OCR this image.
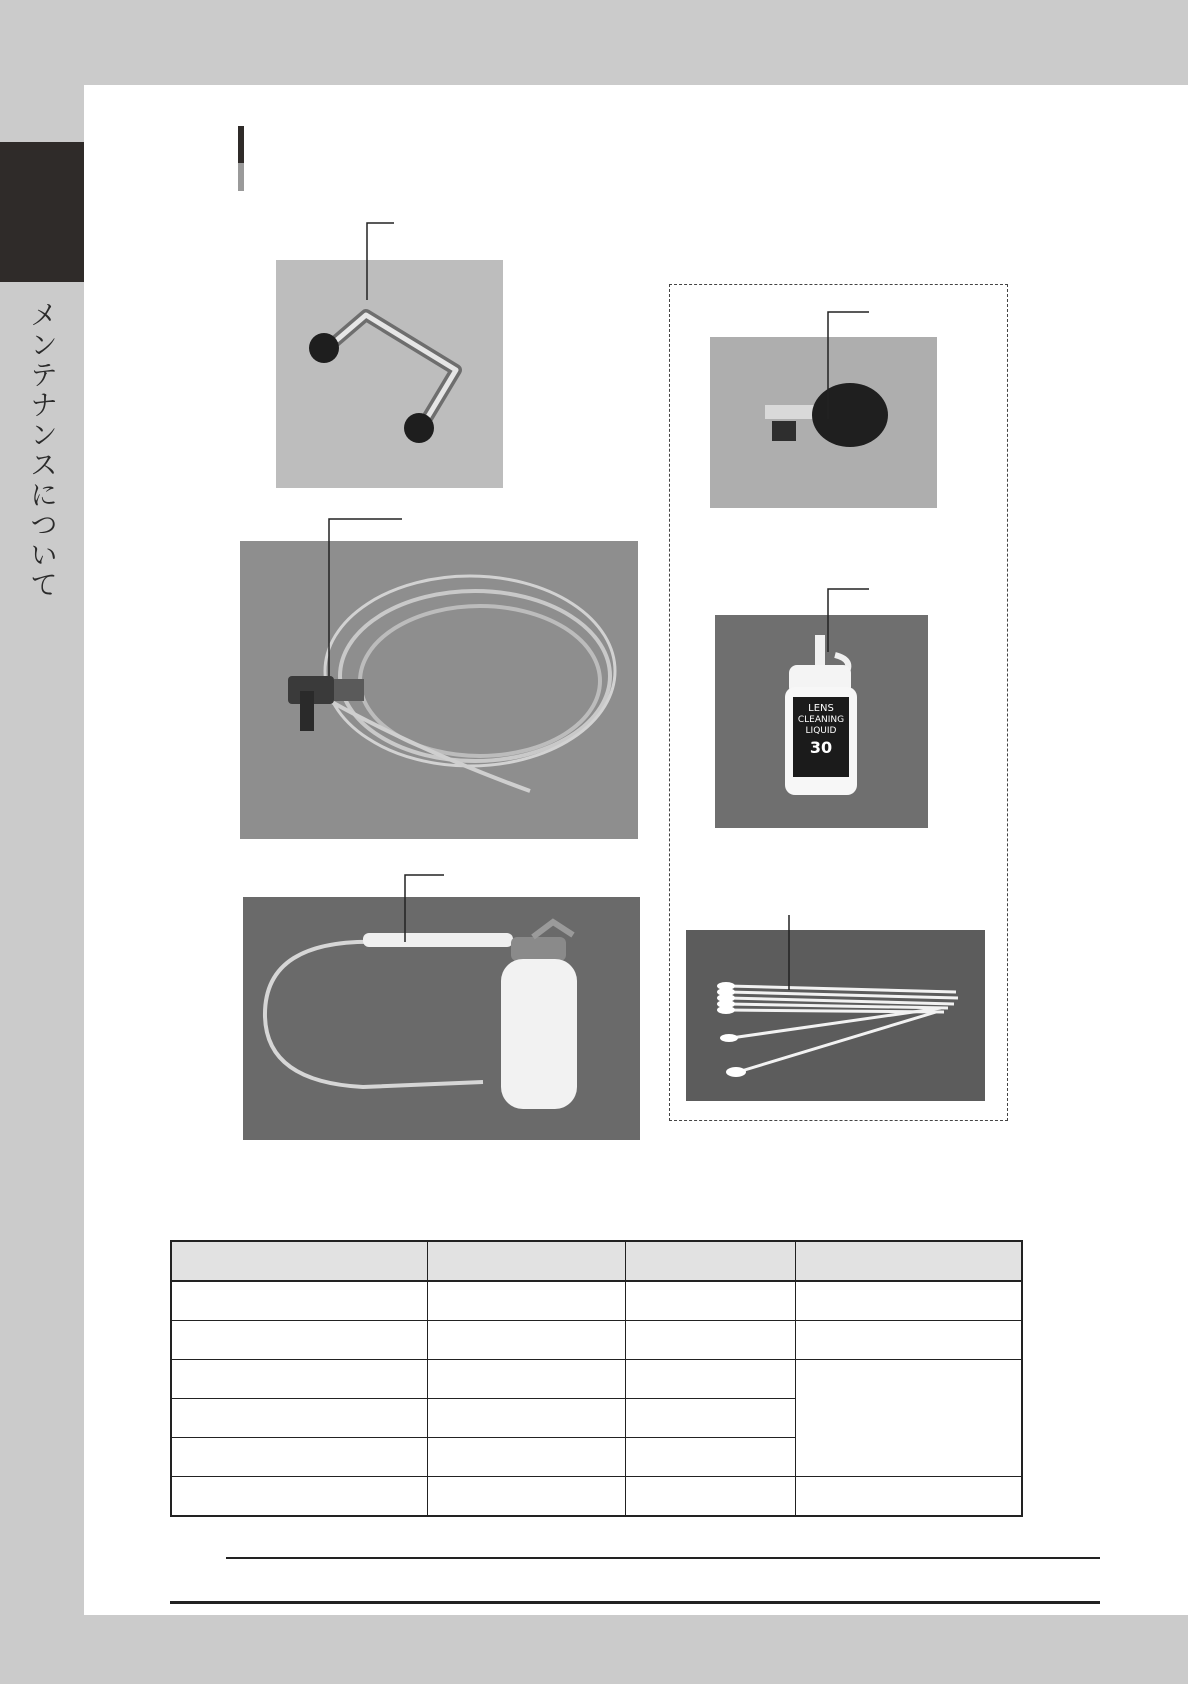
メンテナンスについて
LENS
CLEANING
LIQUID
30
